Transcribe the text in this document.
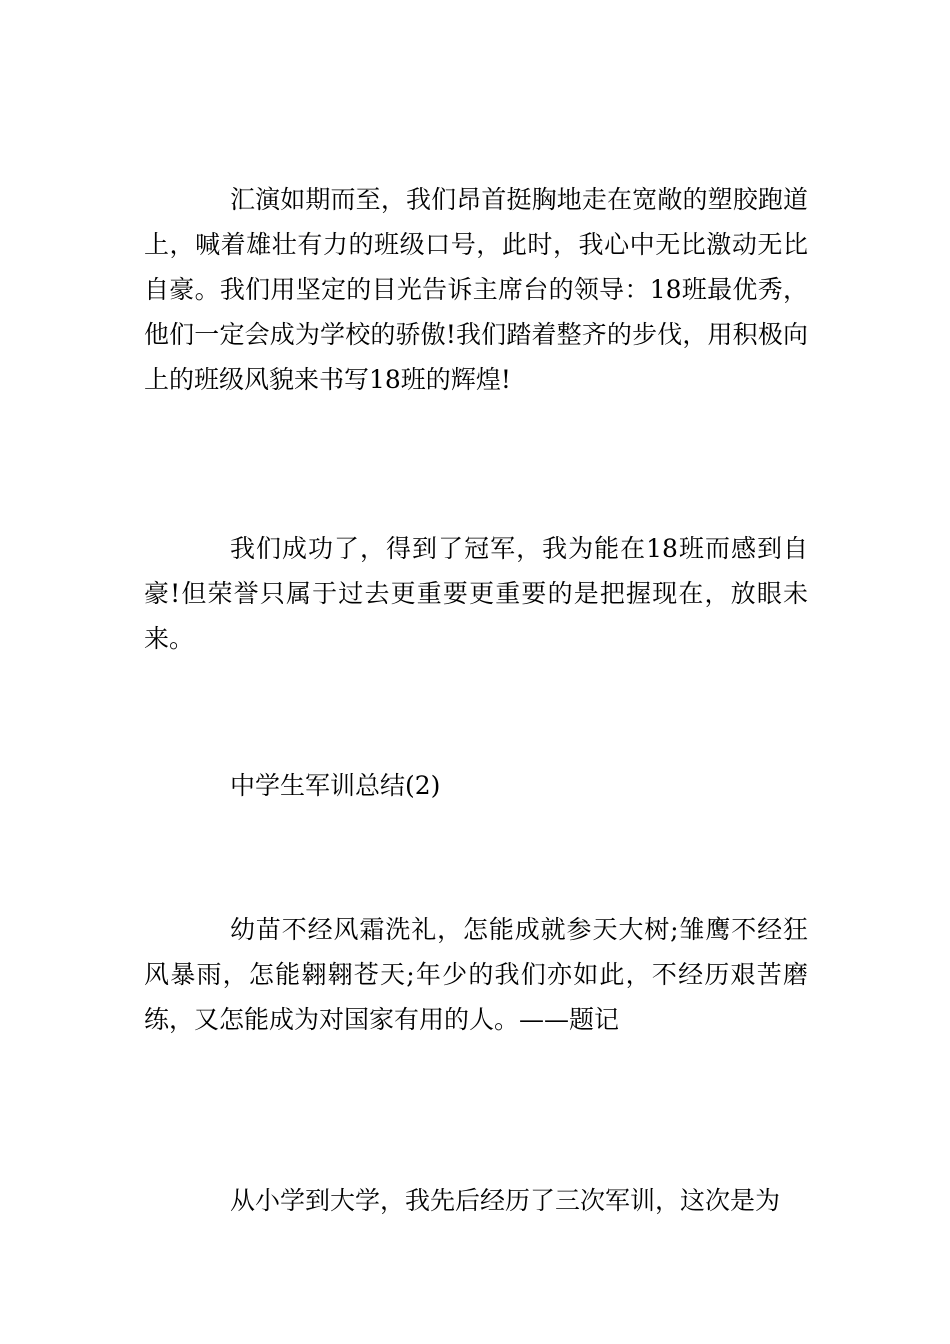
汇演如期而至，我们昂首挺胸地走在宽敞的塑胶跑道上，喊着雄壮有力的班级口号，此时，我心中无比激动无比自豪。我们用坚定的目光告诉主席台的领导：18班最优秀，他们一定会成为学校的骄傲!我们踏着整齐的步伐，用积极向上的班级风貌来书写18班的辉煌!

我们成功了，得到了冠军，我为能在18班而感到自豪!但荣誉只属于过去更重要更重要的是把握现在，放眼未来。

中学生军训总结(2)

幼苗不经风霜洗礼，怎能成就参天大树;雏鹰不经狂风暴雨，怎能翱翱苍天;年少的我们亦如此，不经历艰苦磨练，又怎能成为对国家有用的人。——题记

从小学到大学，我先后经历了三次军训，这次是为
